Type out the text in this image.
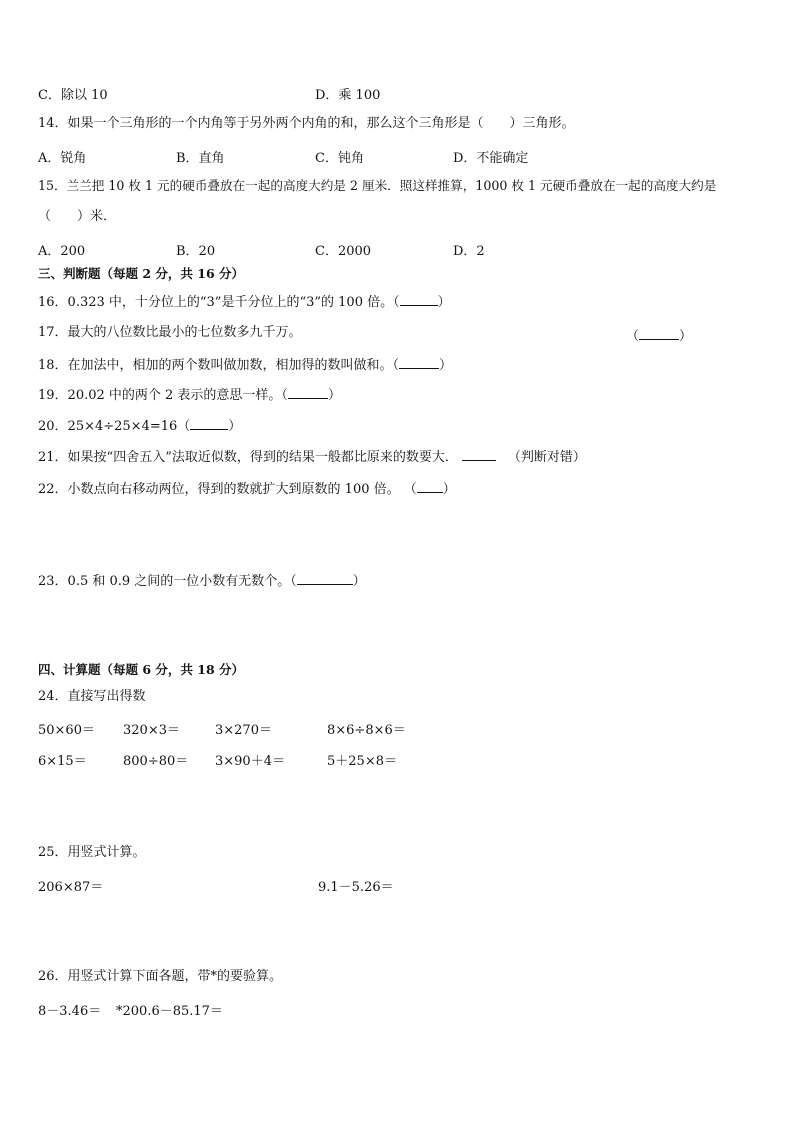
C．除以 10	D．乘 100
14．如果一个三角形的一个内角等于另外两个内角的和，那么这个三角形是（　　）三角形。
A．锐角	B．直角	C．钝角	D．不能确定
15．兰兰把 10 枚 1 元的硬币叠放在一起的高度大约是 2 厘米．照这样推算，1000 枚 1 元硬币叠放在一起的高度大约是
（　　）米．
A．200	B．20	C．2000	D．2
三、判断题（每题 2 分，共 16 分）
16．0.323 中，十分位上的“3”是千分位上的“3”的 100 倍。（	）
17．最大的八位数比最小的七位数多九千万。	（	）
18．在加法中，相加的两个数叫做加数，相加得的数叫做和。（	）
19．20.02 中的两个 2 表示的意思一样。（	）
20．25×4÷25×4=16（	）
21．如果按“四舍五入”法取近似数，得到的结果一般都比原来的数要大．	（判断对错）
22．小数点向右移动两位，得到的数就扩大到原数的 100 倍。 （ ）
23．0.5 和 0.9 之间的一位小数有无数个。（	）
四、计算题（每题 6 分，共 18 分）
24．直接写出得数
50×60＝ 320×3＝	3×270＝	8×6÷8×6＝
6×15＝	800÷80＝ 3×90＋4＝	5＋25×8＝
25．用竖式计算。
206×87＝	9.1－5.26＝
26．用竖式计算下面各题，带*的要验算。
8－3.46＝ *200.6－85.17＝
